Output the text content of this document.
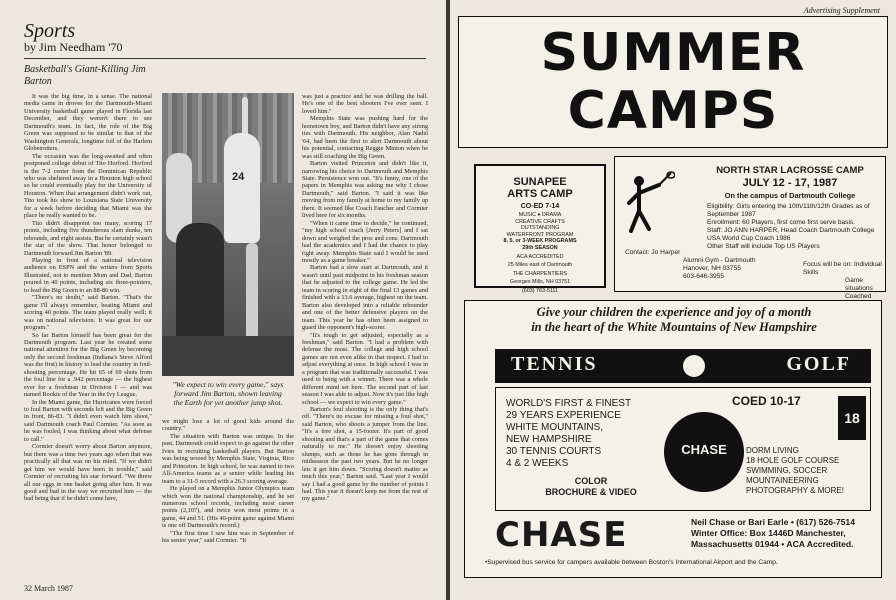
Sports
by Jim Needham '70
Basketball's Giant-Killing Jim Barton

It was the big time, in a sense. The national media came in droves for the Dartmouth-Miami University basketball game played in Florida last December, and they weren't there to see Dartmouth's team. In fact, the role of the Big Green was supposed to be similar to that of the Washington Generals, longtime foil of the Harlem Globetrotters.

The occasion was the long-awaited and often postponed college debut of Tito Horford. Horford is the 7-2 center from the Dominican Republic who was sheltered away in a Houston high school so he could eventually play for the University of Houston. When that arrangement didn't work out, Tito took his show to Louisiana State University for a week before deciding that Miami was the place he really wanted to be.

Tito didn't disappoint too many, scoring 17 points, including five thunderous slam dunks, ten rebounds, and eight assists. But he certainly wasn't the star of the show. That honor belonged to Dartmouth forward Jim Barton '89.

Playing in front of a national television audience on ESPN and the writers from Sports Illustrated, not to mention Mom and Dad, Barton poured in 40 points, including six three-pointers, to lead the Big Green to an 88-86 win.

"There's no doubt," said Barton. "That's the game I'll always remember, beating Miami and scoring 40 points. The team played really well; it was on national television. It was great for our program."

So far Barton himself has been great for the Dartmouth program. Last year he created some national attention for the Big Green by becoming only the second freshman (Indiana's Steve Alford was the first) in history to lead the country in foul-shooting percentage. He hit 65 of 69 shots from the foul line for a .942 percentage — the highest ever for a freshman in Division I — and was named Rookie of the Year in the Ivy League.

In the Miami game, the Hurricanes were forced to foul Barton with seconds left and the Big Green in front, 86-83. "I didn't even watch him shoot," said Dartmouth coach Paul Cormier. "As soon as he was fouled, I was thinking about what defense to call."

Cormier doesn't worry about Barton anymore, but there was a time two years ago when that was practically all that was on his mind. "If we didn't get him we would have been in trouble," said Cormier of recruiting his star forward. "We threw all our eggs in one basket going after him. It was good and bad in the way we recruited him — the bad being that if he didn't come here,

24
"We expect to win every game," says forward Jim Barton, shown leaving the Earth for yet another jump shot.

we might lose a lot of good kids around the country."

The situation with Barton was unique. In the past, Dartmouth could expect to go against the other Ivies in recruiting basketball players. But Barton was being wooed by Memphis State, Virginia, Rice and Princeton. In high school, he was named to two All-America teams as a senior while leading his team to a 31-5 record with a 26.3 scoring average.

He played on a Memphis Junior Olympics team which won the national championship, and he set numerous school records, including most career points (2,107), and twice won most points in a game, 44 and 51. (His 40-point game against Miami is one off Dartmouth's record.)

"The first time I saw him was in September of his senior year," said Cormier. "It

was just a practice and he was drilling the ball. He's one of the best shooters I've ever seen. I loved him."

Memphis State was pushing hard for the hometown boy, and Barton didn't have any strong ties with Dartmouth. His neighbor, Alan Nadel '64, had been the first to alert Dartmouth about his potential, contacting Reggie Minton when he was still coaching the Big Green.

Barton visited Princeton and didn't like it, narrowing his choice to Dartmouth and Memphis State. Persistence won out. "It's funny, one of the papers in Memphis was asking me why I chose Dartmouth," said Barton. "I said it was like moving from my family at home to my family up there. It seemed like Coach Faucher and Cormier lived here for six months.

"When it came time to decide," he continued, "my high school coach [Jerry Peters] and I sat down and weighed the pros and cons. Dartmouth had the academics and I had the chance to play right away. Memphis State said I would be used mostly as a game breaker."

Barton had a slow start at Dartmouth, and it wasn't until past midpoint in his freshman season that he adjusted to the college game. He led the team in scoring in eight of the final 13 games and finished with a 13.6 average, highest on the team. Barton also developed into a reliable rebounder and one of the better defensive players on the team. This year he has often been assigned to guard the opponent's high-scorer.

"It's tough to get adjusted, especially as a freshman," said Barton. "I had a problem with defense the most. The college and high school games are not even alike in that respect. I had to adjust everything at once. In high school I was in a program that was traditionally successful. I was used to being with a winner. There was a whole different mind set here. The second part of last season I was able to adjust. Now it's just like high school — we expect to win every game."

Barton's foul shooting is the only thing that's off. "There's no excuse for missing a foul shot," said Barton, who shoots a jumper from the line. "It's a free shot, a 15-footer. It's part of good shooting and that's a part of the game that comes naturally to me." He doesn't enjoy shooting slumps, such as those he has gone through in midseason the past two years. But he no longer lets it get him down. "Scoring doesn't matter as much this year," Barton said. "Last year I would say I had a good game by the number of points I had. This year it doesn't keep me from the rest of my game."

32 March 1987
Advertising Supplement
SUMMER
CAMPS
SUNAPEE
ARTS CAMP
CO-ED 7-14
MUSIC ♦ DRAMA
CREATIVE CRAFTS
OUTSTANDING
WATERFRONT PROGRAM
8, 5, or 3-WEEK PROGRAMS
29th SEASON
ACA ACCREDITED
25 Miles east of Dartmouth
THE CHARPENTIERS
Georges Mills, NH 03751
(603) 763-5111
NORTH STAR LACROSSE CAMP
JULY 12 - 17, 1987
On the campus of Dartmouth College
Eligibility: Girls entering the 10th/11th/12th Grades as of September 1987
Enrollment: 60 Players, first come first serve basis.
Staff: JO ANN HARPER, Head Coach Dartmouth College USA World Cup Coach 1986
Other Staff will include Top US Players
Contact: Jo Harper
Alumni Gym - Dartmouth
Hanover, NH 03755
603-646-3955
Focus will be on: Individual Skills
Game situations
Coached
Give your children the experience and joy of a month
in the heart of the White Mountains of New Hampshire
TENNIS	GOLF
WORLD'S FIRST & FINEST
29 YEARS EXPERIENCE
WHITE MOUNTAINS,
NEW HAMPSHIRE
30 TENNIS COURTS
4 & 2 WEEKS
COED 10-17
18
CHASE	DORM LIVING
18 HOLE GOLF COURSE
SWIMMING, SOCCER
MOUNTAINEERING
PHOTOGRAPHY & MORE!
COLOR
BROCHURE & VIDEO
CHASE	Neil Chase or Bari Earle • (617) 526-7514
Winter Office: Box 1446D Manchester,
Massachusetts 01944 • ACA Accredited.
•Supervised bus service for campers available between Boston's International Airport and the Camp.
